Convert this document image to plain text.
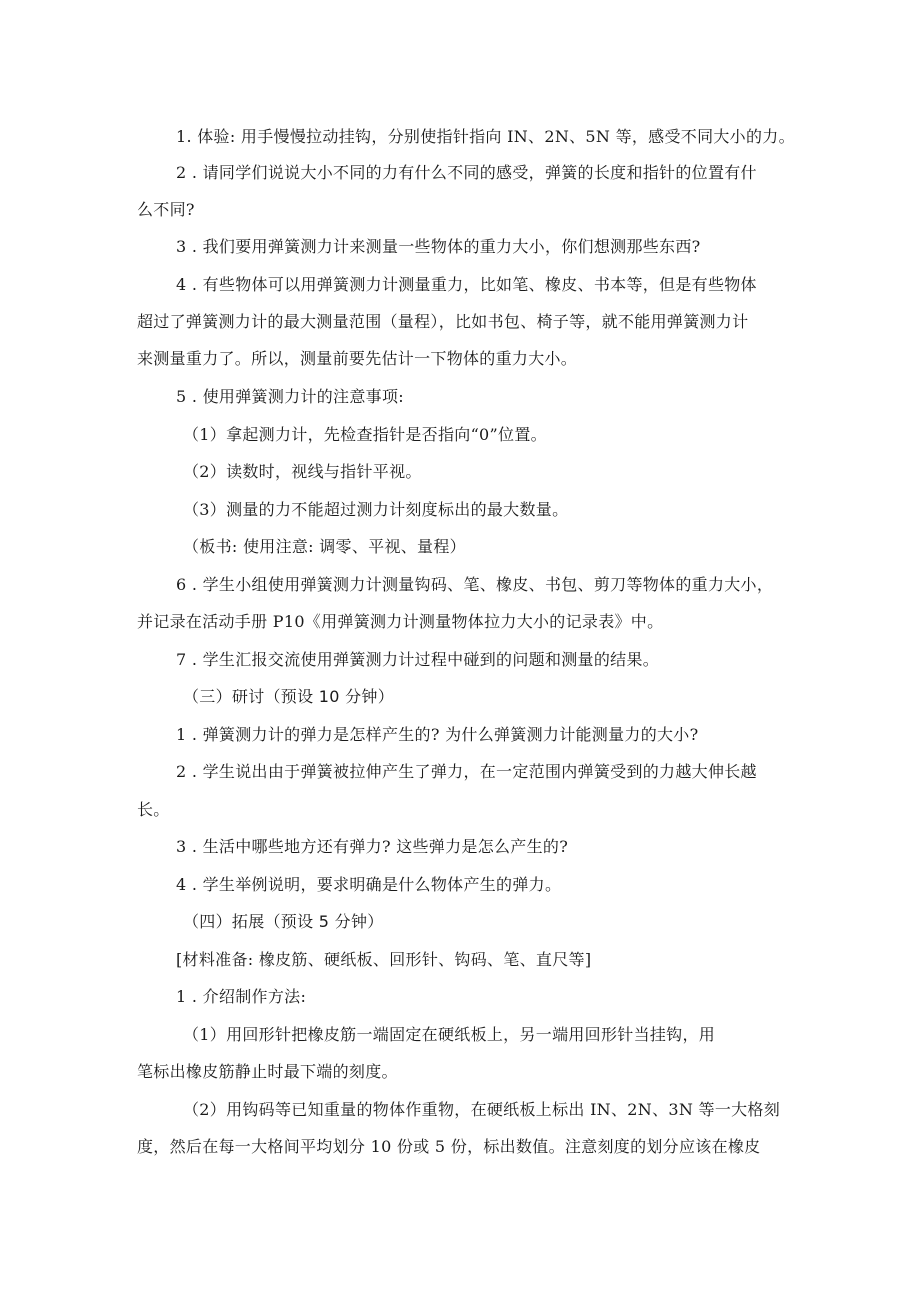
1. 体验: 用手慢慢拉动挂钩，分别使指针指向 IN、2N、5N 等，感受不同大小的力。
2 . 请同学们说说大小不同的力有什么不同的感受，弹簧的长度和指针的位置有什
么不同?
3 . 我们要用弹簧测力计来测量一些物体的重力大小，你们想测那些东西?
4 . 有些物体可以用弹簧测力计测量重力，比如笔、橡皮、书本等，但是有些物体
超过了弹簧测力计的最大测量范围（量程），比如书包、椅子等，就不能用弹簧测力计
来测量重力了。所以，测量前要先估计一下物体的重力大小。
5 . 使用弹簧测力计的注意事项:
（1）拿起测力计，先检查指针是否指向“0”位置。
（2）读数时，视线与指针平视。
（3）测量的力不能超过测力计刻度标出的最大数量。
（板书: 使用注意: 调零、平视、量程）
6 . 学生小组使用弹簧测力计测量钩码、笔、橡皮、书包、剪刀等物体的重力大小，
并记录在活动手册 P10《用弹簧测力计测量物体拉力大小的记录表》中。
7 . 学生汇报交流使用弹簧测力计过程中碰到的问题和测量的结果。
（三）研讨（预设 10 分钟）
1 . 弹簧测力计的弹力是怎样产生的? 为什么弹簧测力计能测量力的大小?
2 . 学生说出由于弹簧被拉伸产生了弹力，在一定范围内弹簧受到的力越大伸长越
长。
3 . 生活中哪些地方还有弹力? 这些弹力是怎么产生的?
4 . 学生举例说明，要求明确是什么物体产生的弹力。
（四）拓展（预设 5 分钟）
[材料准备: 橡皮筋、硬纸板、回形针、钩码、笔、直尺等]
1 . 介绍制作方法:
（1）用回形针把橡皮筋一端固定在硬纸板上，另一端用回形针当挂钩，用
笔标出橡皮筋静止时最下端的刻度。
（2）用钩码等已知重量的物体作重物，在硬纸板上标出 IN、2N、3N 等一大格刻
度，然后在每一大格间平均划分 10 份或 5 份，标出数值。注意刻度的划分应该在橡皮
